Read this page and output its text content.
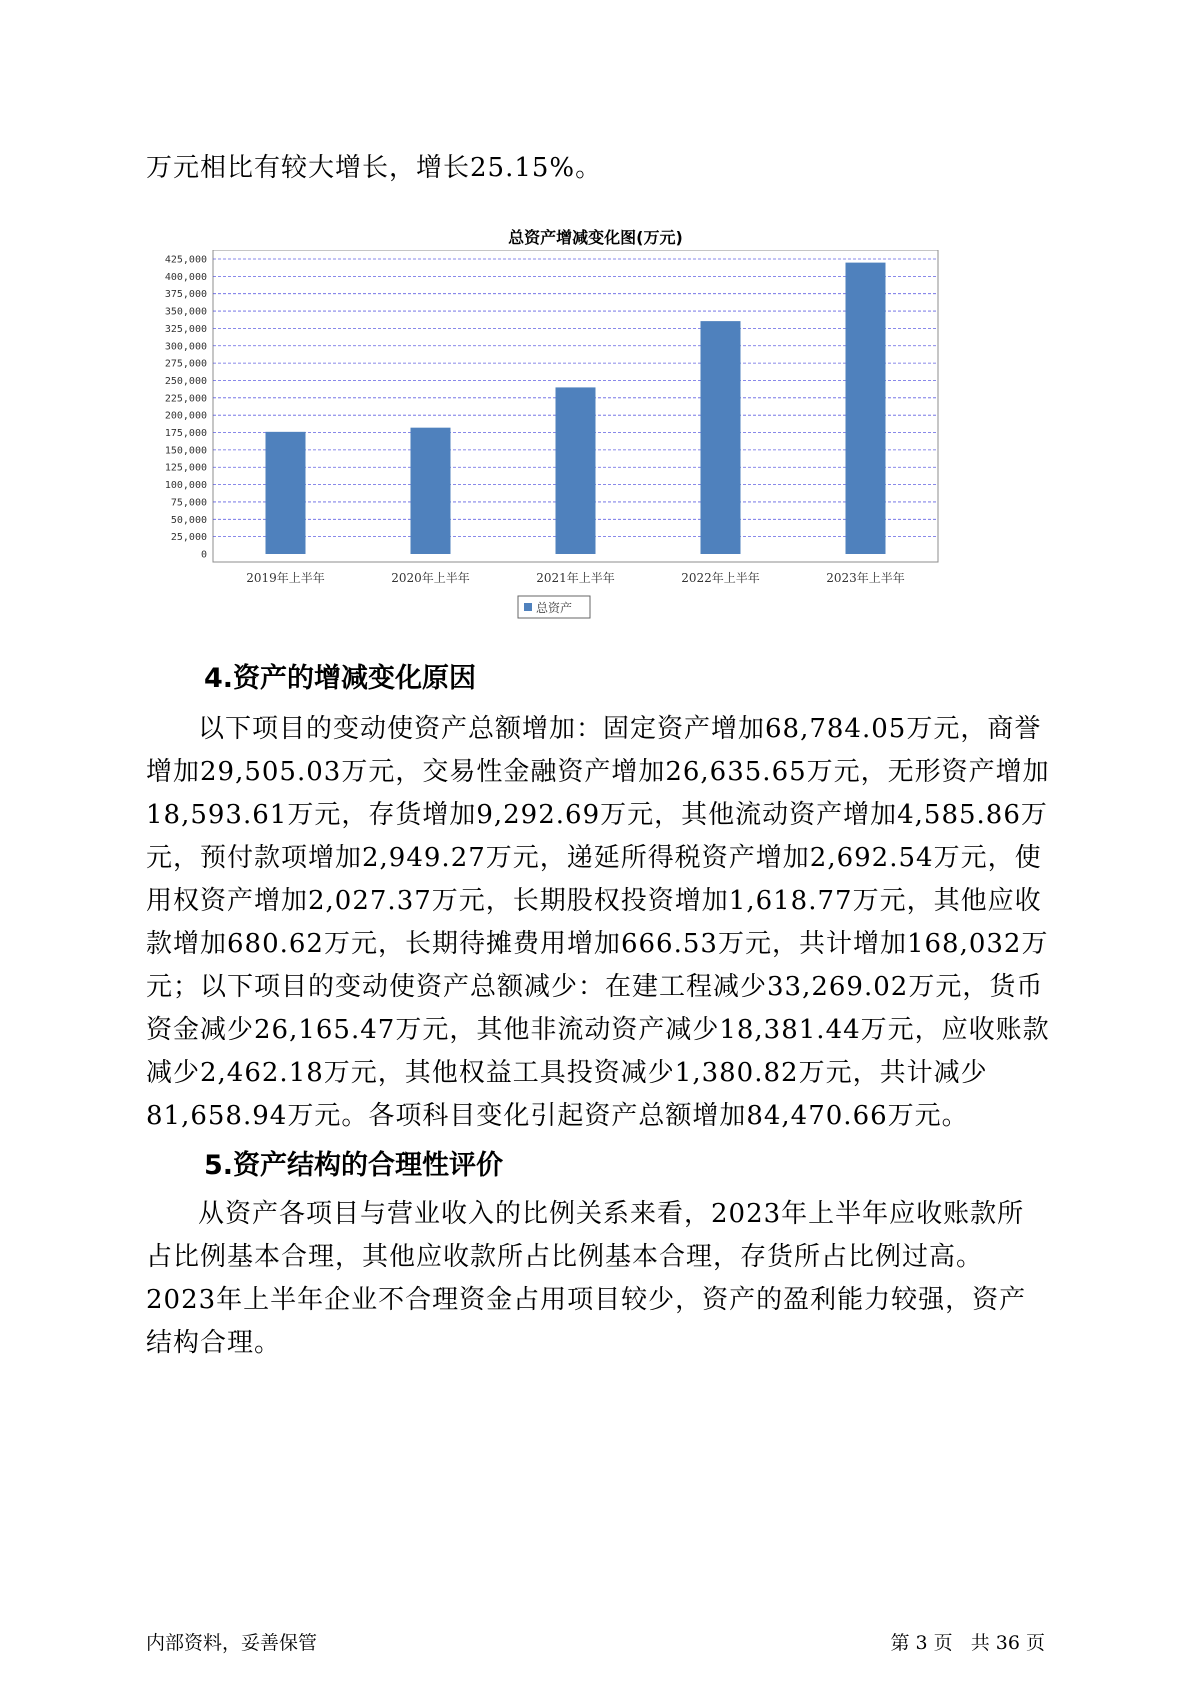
万元相比有较大增长，增长25.15%。

总资产增减变化图(万元)
0
25,000
50,000
75,000
100,000
125,000
150,000
175,000
200,000
225,000
250,000
275,000
300,000
325,000
350,000
375,000
400,000
425,000
2019年上半年	2020年上半年	2021年上半年	2022年上半年	2023年上半年
总资产
4.资产的增减变化原因

以下项目的变动使资产总额增加：固定资产增加68,784.05万元，商誉增加29,505.03万元，交易性金融资产增加26,635.65万元，无形资产增加18,593.61万元，存货增加9,292.69万元，其他流动资产增加4,585.86万元，预付款项增加2,949.27万元，递延所得税资产增加2,692.54万元，使用权资产增加2,027.37万元，长期股权投资增加1,618.77万元，其他应收款增加680.62万元，长期待摊费用增加666.53万元，共计增加168,032万元；以下项目的变动使资产总额减少：在建工程减少33,269.02万元，货币资金减少26,165.47万元，其他非流动资产减少18,381.44万元，应收账款减少2,462.18万元，其他权益工具投资减少1,380.82万元，共计减少81,658.94万元。各项科目变化引起资产总额增加84,470.66万元。

5.资产结构的合理性评价

从资产各项目与营业收入的比例关系来看，2023年上半年应收账款所占比例基本合理，其他应收款所占比例基本合理，存货所占比例过高。2023年上半年企业不合理资金占用项目较少，资产的盈利能力较强，资产结构合理。

内部资料，妥善保管	第 3 页   共 36 页
